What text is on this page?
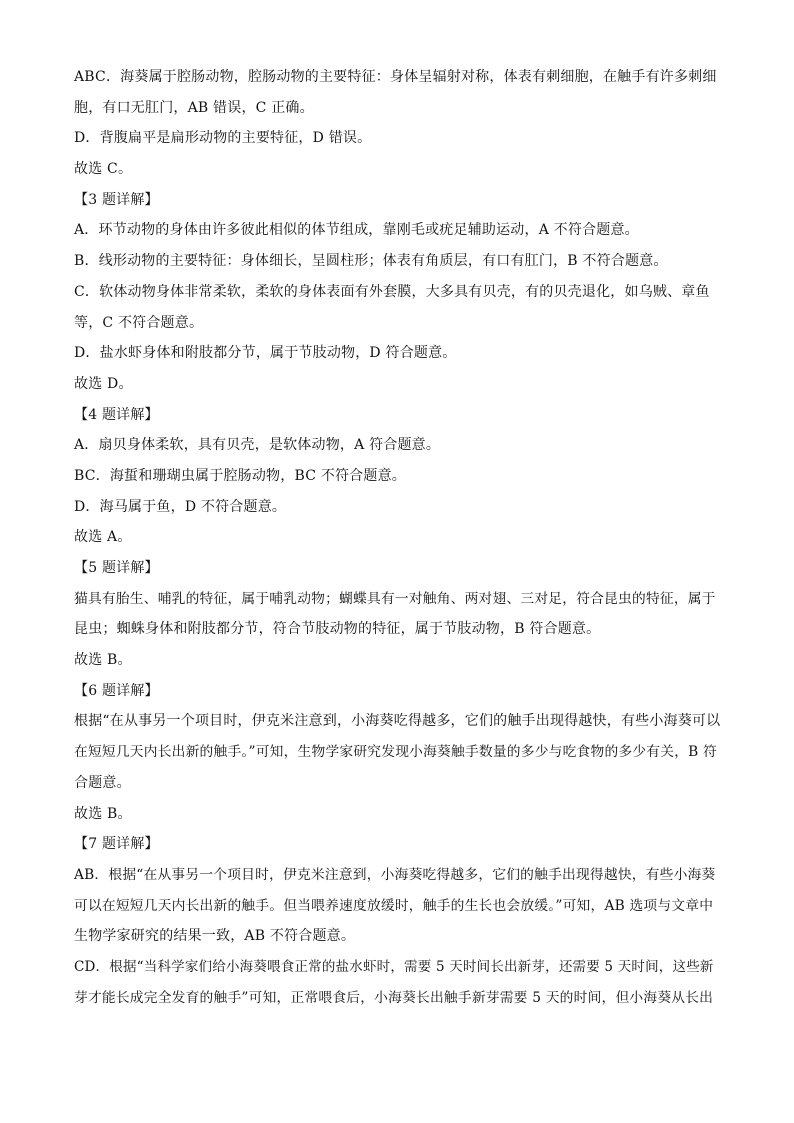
ABC．海葵属于腔肠动物，腔肠动物的主要特征：身体呈辐射对称，体表有刺细胞，在触手有许多刺细
胞，有口无肛门，AB 错误，C 正确。
D．背腹扁平是扁形动物的主要特征，D 错误。
故选 C。
【3 题详解】
A．环节动物的身体由许多彼此相似的体节组成，靠刚毛或疣足辅助运动，A 不符合题意。
B．线形动物的主要特征：身体细长，呈圆柱形；体表有角质层，有口有肛门，B 不符合题意。
C．软体动物身体非常柔软，柔软的身体表面有外套膜，大多具有贝壳，有的贝壳退化，如乌贼、章鱼
等，C 不符合题意。
D．盐水虾身体和附肢都分节，属于节肢动物，D 符合题意。
故选 D。
【4 题详解】
A．扇贝身体柔软，具有贝壳，是软体动物，A 符合题意。
BC．海蜇和珊瑚虫属于腔肠动物，BC 不符合题意。
D．海马属于鱼，D 不符合题意。
故选 A。
【5 题详解】
猫具有胎生、哺乳的特征，属于哺乳动物；蝴蝶具有一对触角、两对翅、三对足，符合昆虫的特征，属于
昆虫；蜘蛛身体和附肢都分节，符合节肢动物的特征，属于节肢动物，B 符合题意。
故选 B。
【6 题详解】
根据“在从事另一个项目时，伊克米注意到，小海葵吃得越多，它们的触手出现得越快，有些小海葵可以
在短短几天内长出新的触手。”可知，生物学家研究发现小海葵触手数量的多少与吃食物的多少有关，B 符
合题意。
故选 B。
【7 题详解】
AB．根据“在从事另一个项目时，伊克米注意到，小海葵吃得越多，它们的触手出现得越快，有些小海葵
可以在短短几天内长出新的触手。但当喂养速度放缓时，触手的生长也会放缓。”可知，AB 选项与文章中
生物学家研究的结果一致，AB 不符合题意。
CD．根据“当科学家们给小海葵喂食正常的盐水虾时，需要 5 天时间长出新芽，还需要 5 天时间，这些新
芽才能长成完全发育的触手”可知，正常喂食后，小海葵长出触手新芽需要 5 天的时间，但小海葵从长出
